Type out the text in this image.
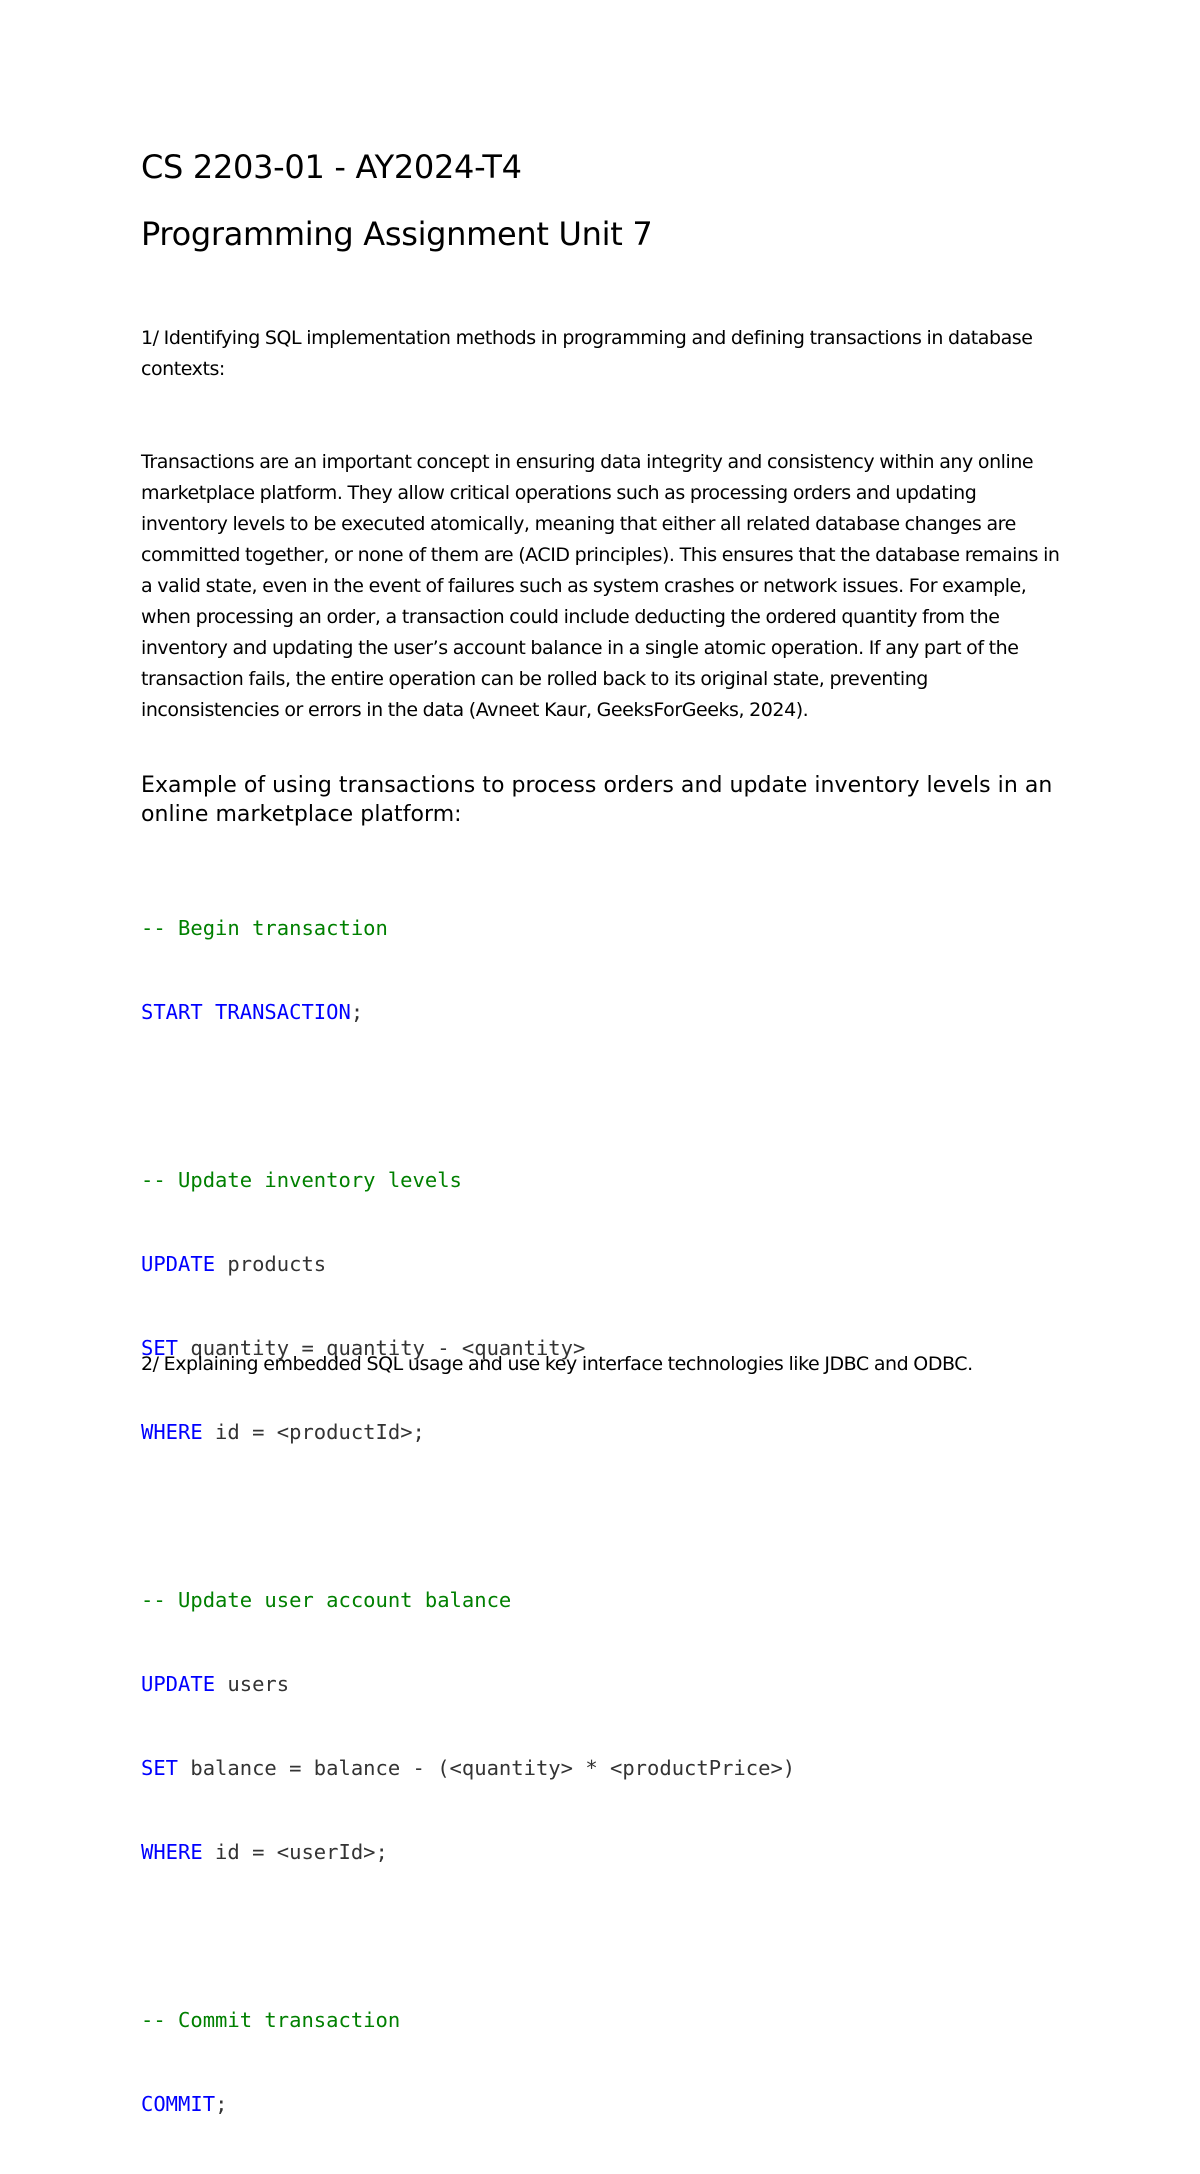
CS 2203-01 - AY2024-T4
Programming Assignment Unit 7
1/ Identifying SQL implementation methods in programming and defining transactions in database contexts:
Transactions are an important concept in ensuring data integrity and consistency within any online marketplace platform. They allow critical operations such as processing orders and updating inventory levels to be executed atomically, meaning that either all related database changes are committed together, or none of them are (ACID principles). This ensures that the database remains in a valid state, even in the event of failures such as system crashes or network issues. For example, when processing an order, a transaction could include deducting the ordered quantity from the inventory and updating the user’s account balance in a single atomic operation. If any part of the transaction fails, the entire operation can be rolled back to its original state, preventing inconsistencies or errors in the data (Avneet Kaur, GeeksForGeeks, 2024).
Example of using transactions to process orders and update inventory levels in an online marketplace platform:

-- Begin transaction

START TRANSACTION;

-- Update inventory levels

UPDATE products

SET quantity = quantity - <quantity>

WHERE id = <productId>;

-- Update user account balance

UPDATE users

SET balance = balance - (<quantity> * <productPrice>)

WHERE id = <userId>;

-- Commit transaction

COMMIT;

2/ Explaining embedded SQL usage and use key interface technologies like JDBC and ODBC.
